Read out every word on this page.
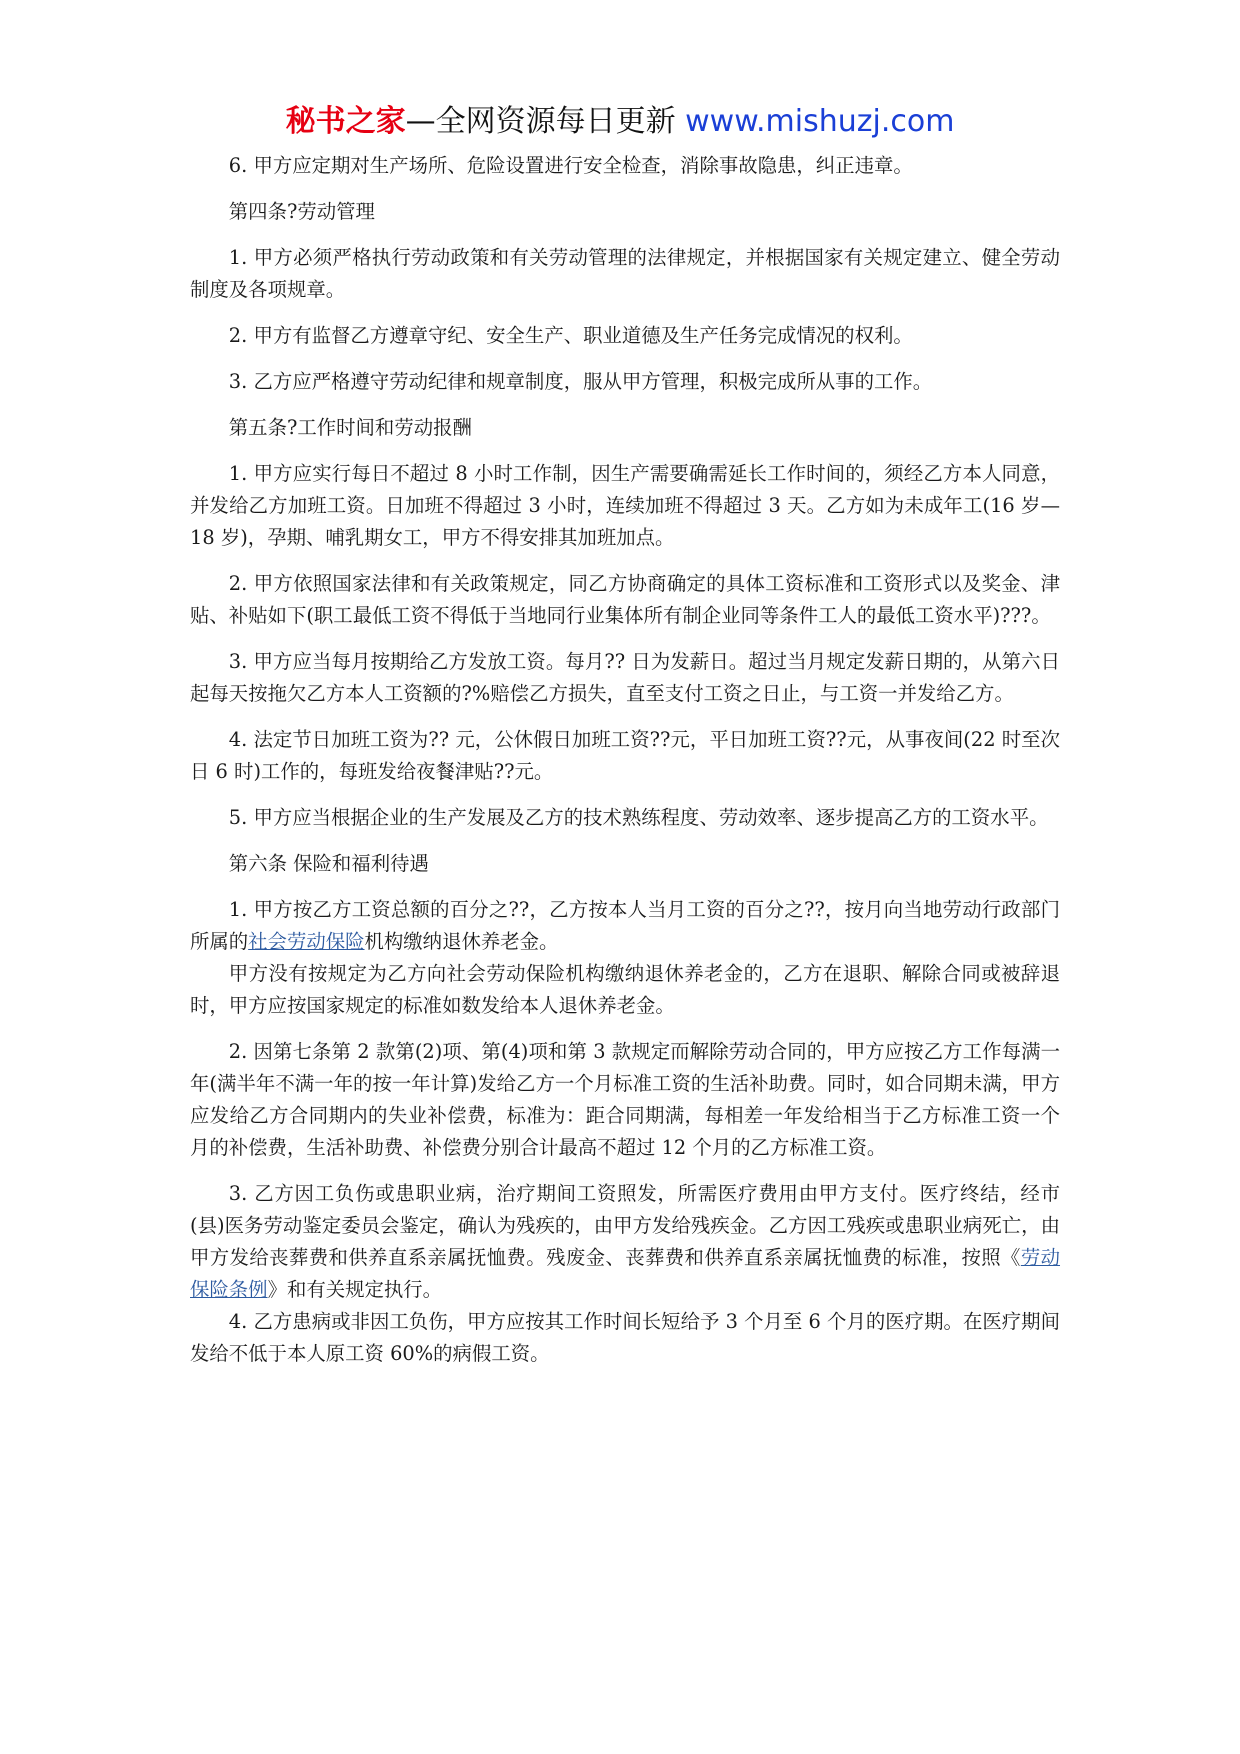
秘书之家—全网资源每日更新 www.mishuzj.com

6. 甲方应定期对生产场所、危险设置进行安全检查，消除事故隐患，纠正违章。

第四条?劳动管理

1. 甲方必须严格执行劳动政策和有关劳动管理的法律规定，并根据国家有关规定建立、健全劳动制度及各项规章。

2. 甲方有监督乙方遵章守纪、安全生产、职业道德及生产任务完成情况的权利。

3. 乙方应严格遵守劳动纪律和规章制度，服从甲方管理，积极完成所从事的工作。

第五条?工作时间和劳动报酬

1. 甲方应实行每日不超过 8 小时工作制，因生产需要确需延长工作时间的，须经乙方本人同意，并发给乙方加班工资。日加班不得超过 3 小时，连续加班不得超过 3 天。乙方如为未成年工(16 岁—18 岁)，孕期、哺乳期女工，甲方不得安排其加班加点。

2. 甲方依照国家法律和有关政策规定，同乙方协商确定的具体工资标准和工资形式以及奖金、津贴、补贴如下(职工最低工资不得低于当地同行业集体所有制企业同等条件工人的最低工资水平)???。

3. 甲方应当每月按期给乙方发放工资。每月?? 日为发薪日。超过当月规定发薪日期的，从第六日起每天按拖欠乙方本人工资额的?%赔偿乙方损失，直至支付工资之日止，与工资一并发给乙方。

4. 法定节日加班工资为?? 元，公休假日加班工资??元，平日加班工资??元，从事夜间(22 时至次日 6 时)工作的，每班发给夜餐津贴??元。

5. 甲方应当根据企业的生产发展及乙方的技术熟练程度、劳动效率、逐步提高乙方的工资水平。

第六条 保险和福利待遇

1. 甲方按乙方工资总额的百分之??，乙方按本人当月工资的百分之??，按月向当地劳动行政部门所属的社会劳动保险机构缴纳退休养老金。

甲方没有按规定为乙方向社会劳动保险机构缴纳退休养老金的，乙方在退职、解除合同或被辞退时，甲方应按国家规定的标准如数发给本人退休养老金。

2. 因第七条第 2 款第(2)项、第(4)项和第 3 款规定而解除劳动合同的，甲方应按乙方工作每满一年(满半年不满一年的按一年计算)发给乙方一个月标准工资的生活补助费。同时，如合同期未满，甲方应发给乙方合同期内的失业补偿费，标准为：距合同期满，每相差一年发给相当于乙方标准工资一个月的补偿费，生活补助费、补偿费分别合计最高不超过 12 个月的乙方标准工资。

3. 乙方因工负伤或患职业病，治疗期间工资照发，所需医疗费用由甲方支付。医疗终结，经市(县)医务劳动鉴定委员会鉴定，确认为残疾的，由甲方发给残疾金。乙方因工残疾或患职业病死亡，由甲方发给丧葬费和供养直系亲属抚恤费。残废金、丧葬费和供养直系亲属抚恤费的标准，按照《劳动保险条例》和有关规定执行。

4. 乙方患病或非因工负伤，甲方应按其工作时间长短给予 3 个月至 6 个月的医疗期。在医疗期间发给不低于本人原工资 60%的病假工资。
